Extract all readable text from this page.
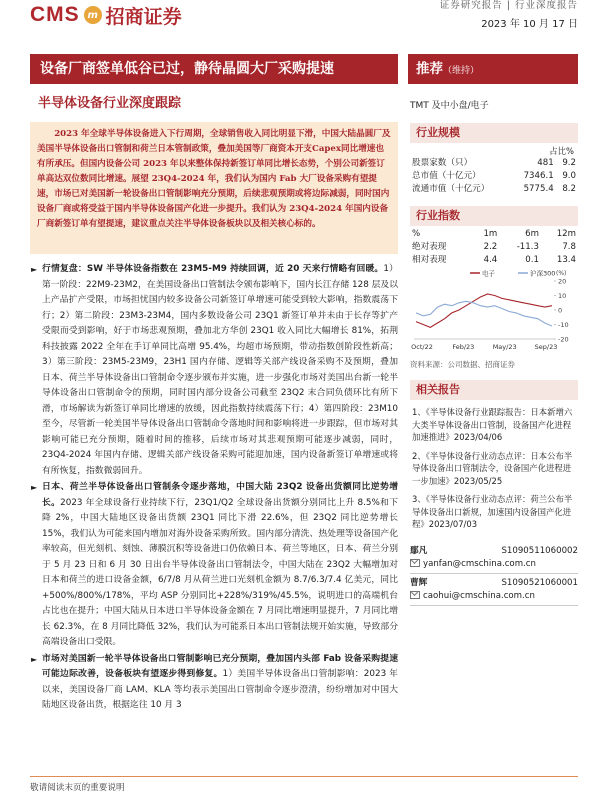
CMS m 招商证券	证券研究报告 | 行业深度报告
2023 年 10 月 17 日
设备厂商签单低谷已过，静待晶圆大厂采购提速	推荐（维持）
半导体设备行业深度跟踪
2023 年全球半导体设备进入下行周期，全球销售收入同比明显下滑，中国大陆晶圆厂及美国半导体设备出口管制和荷兰日本管制政策，叠加美国等厂商资本开支Capex同比增速也有所承压。但国内设备公司 2023 年以来整体保持新签订单同比增长态势，个别公司新签订单高达双位数同比增速。展望 23Q4-2024 年，我们认为国内 Fab 大厂设备采购有望提速，市场已对美国新一轮设备出口管制影响充分预期，后续悲观预期或将边际减弱，同时国内设备厂商或将受益于国内半导体设备国产化进一步提升。我们认为 23Q4-2024 年国内设备厂商新签订单有望提速，建议重点关注半导体设备板块以及相关核心标的。
► 行情复盘：SW 半导体设备指数在 23M5-M9 持续回调，近 20 天来行情略有回暖。1）第一阶段：22M9-23M2，在美国设备出口管制法令颁布影响下，国内长江存储 128 层及以上产品扩产受限，市场担忧国内较多设备公司新签订单增速可能受到较大影响，指数震荡下行；2）第二阶段：23M3-23M4，国内多数设备公司 23Q1 新签订单并未由于长存等扩产受限而受到影响，好于市场悲观预期，叠加北方华创 23Q1 收入同比大幅增长 81%，拓荆科技披露 2022 全年在手订单同比高增 95.4%，均超市场预期，带动指数创阶段性新高；3）第三阶段：23M5-23M9，23H1 国内存储、逻辑等关部产线设备采购不及预期，叠加日本、荷兰半导体设备出口管制命令逐步颁布并实施，进一步强化市场对美国出台新一轮半导体设备出口管制命令的预期，同时国内部分设备公司截至 23Q2 末合同负债环比有所下滑，市场解读为新签订单同比增速的放缓，因此指数持续震荡下行；4）第四阶段：23M10 至今，尽管新一轮美国半导体设备出口管制命令落地时间和影响将进一步跟踪，但市场对其影响可能已充分预期，随着时间的推移，后续市场对其悲观预期可能逐步减弱，同时，23Q4-2024 年国内存储、逻辑关部产线设备采购可能迎加速，国内设备新签订单增速或将有所恢复，指数微弱回升。
► 日本、荷兰半导体设备出口管制条令逐步落地，中国大陆 23Q2 设备出货额同比逆势增长。2023 年全球设备行业持续下行，23Q1/Q2 全球设备出货额分别同比上升 8.5%和下降 2%，中国大陆地区设备出货额 23Q1 同比下滑 22.6%，但 23Q2 同比逆势增长 15%，我们认为可能来国内增加对海外设备采购所致。国内部分清洗、热处理等设备国产化率较高，但光刻机、刻蚀、薄膜沉积等设备进口仍依赖日本、荷兰等地区，日本、荷兰分别于 5 月 23 日和 6 月 30 日出台半导体设备出口管制法令，中国大陆在 23Q2 大幅增加对日本和荷兰的进口设备金额，6/7/8 月从荷兰进口光刻机金额为 8.7/6.3/7.4 亿美元，同比+500%/800%/178%，平均 ASP 分别同比+228%/319%/45.5%，说明进口的高端机台占比也在提升；中国大陆从日本进口半导体设备金额在 7 月同比增速明显提升，7 月同比增长 62.3%，在 8 月同比降低 32%，我们认为可能系日本出口管制法规开始实施，导致部分高端设备出口受限。
► 市场对美国新一轮半导体设备出口管制影响已充分预期，叠加国内头部 Fab 设备采购提速可能边际改善，设备板块有望逐步得到修复。1）美国半导体设备出口管制影响：2023 年以来，美国设备厂商 LAM、KLA 等均表示美国出口管制命令逐步澄清，纷纷增加对中国大陆地区设备出货，根据迄往 10 月 3
TMT 及中小盘/电子
行业规模
占比%
股票家数（只）	481	9.2
总市值（十亿元）	7346.1	9.0
流通市值（十亿元）	5775.4	8.2
行业指数
%	1m	6m	12m
绝对表现	2.2	-11.3	7.8
相对表现	4.4	0.1	13.4
-20
-10
0
10
20
(%)
电子	沪深300
Oct/22	Feb/23	May/23	Sep/23
资料来源：公司数据、招商证券
相关报告
1、《半导体设备行业跟踪报告：日本新增六大类半导体设备出口管制，设备国产化进程加速推进》2023/04/06
2、《半导体设备行业动态点评：日本公布半导体设备出口管制法令，设备国产化进程进一步加速》2023/05/25
3、《半导体设备行业动态点评：荷兰公布半导体设备出口新规，加速国内设备国产化进程》2023/07/03
鄢凡	S1090511060002
yanfan@cmschina.com.cn
曹辉	S1090521060001
caohui@cmschina.com.cn
敬请阅读末页的重要说明
